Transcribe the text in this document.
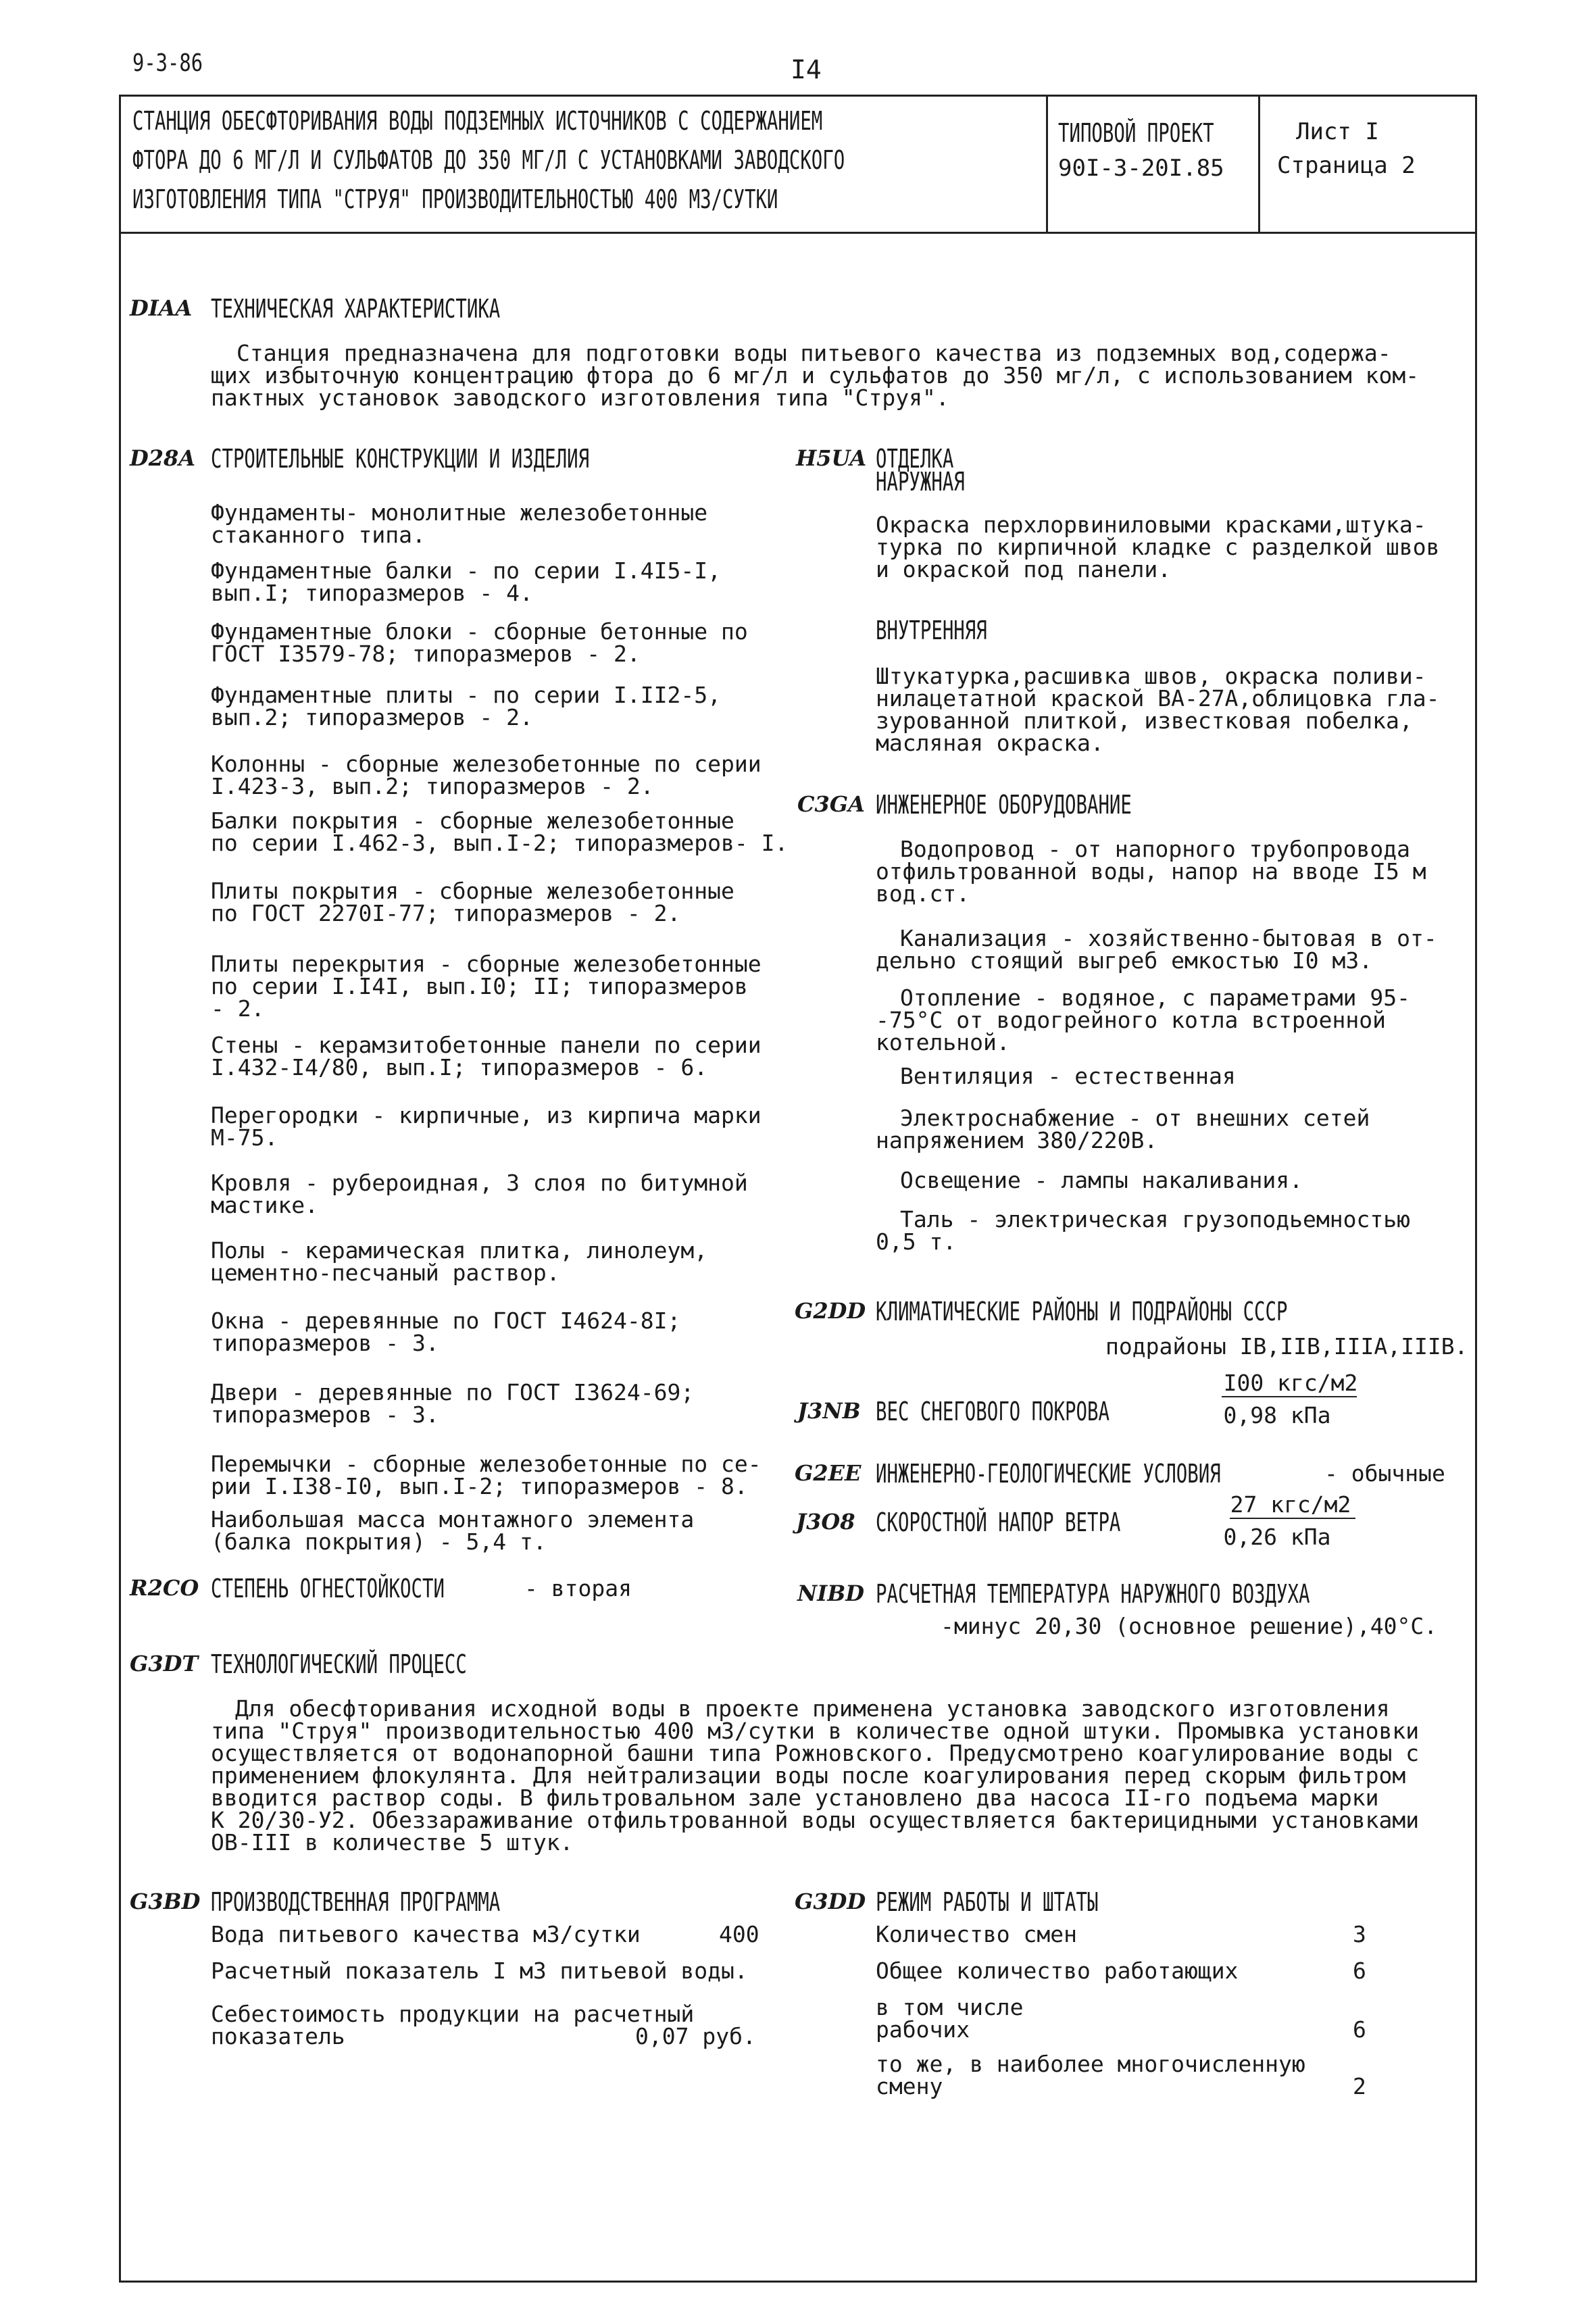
9-3-86	I4
СТАНЦИЯ ОБЕСФТОРИВАНИЯ ВОДЫ ПОДЗЕМНЫХ ИСТОЧНИКОВ С СОДЕРЖАНИЕМ
ФТОРА ДО 6 МГ/Л И СУЛЬФАТОВ ДО 350 МГ/Л С УСТАНОВКАМИ ЗАВОДСКОГО
ИЗГОТОВЛЕНИЯ ТИПА "СТРУЯ" ПРОИЗВОДИТЕЛЬНОСТЬЮ 400 М3/СУТКИ
ТИПОВОЙ ПРОЕКТ
90I-3-20I.85
Лист I
Страница 2
DIAA ТЕХНИЧЕСКАЯ ХАРАКТЕРИСТИКА
Станция предназначена для подготовки воды питьевого качества из подземных вод,содержа-
щих избыточную концентрацию фтора до 6 мг/л и сульфатов до 350 мг/л, с использованием ком-
пактных установок заводского изготовления типа "Струя".
D28A СТРОИТЕЛЬНЫЕ КОНСТРУКЦИИ И ИЗДЕЛИЯ
Фундаменты- монолитные железобетонные
стаканного типа.
Фундаментные балки - по серии I.4I5-I,
вып.I; типоразмеров - 4.
Фундаментные блоки - сборные бетонные по
ГОСТ I3579-78; типоразмеров - 2.
Фундаментные плиты - по серии I.II2-5,
вып.2; типоразмеров - 2.
Колонны - сборные железобетонные по серии
I.423-3, вып.2; типоразмеров - 2.
Балки покрытия - сборные железобетонные
по серии I.462-3, вып.I-2; типоразмеров- I.
Плиты покрытия - сборные железобетонные
по ГОСТ 2270I-77; типоразмеров - 2.
Плиты перекрытия - сборные железобетонные
по серии I.I4I, вып.I0; II; типоразмеров
- 2.
Стены - керамзитобетонные панели по серии
I.432-I4/80, вып.I; типоразмеров - 6.
Перегородки - кирпичные, из кирпича марки
М-75.
Кровля - рубероидная, 3 слоя по битумной
мастике.
Полы - керамическая плитка, линолеум,
цементно-песчаный раствор.
Окна - деревянные по ГОСТ I4624-8I;
типоразмеров - 3.
Двери - деревянные по ГОСТ I3624-69;
типоразмеров - 3.
Перемычки - сборные железобетонные по се-
рии I.I38-I0, вып.I-2; типоразмеров - 8.
Наибольшая масса монтажного элемента
(балка покрытия) - 5,4 т.
H5UA ОТДЕЛКА
НАРУЖНАЯ
Окраска перхлорвиниловыми красками,штука-
турка по кирпичной кладке с разделкой швов
и окраской под панели.
ВНУТРЕННЯЯ
Штукатурка,расшивка швов, окраска поливи-
нилацетатной краской ВА-27А,облицовка гла-
зурованной плиткой, известковая побелка,
масляная окраска.
C3GA ИНЖЕНЕРНОЕ ОБОРУДОВАНИЕ
Водопровод - от напорного трубопровода
отфильтрованной воды, напор на вводе I5 м
вод.ст.
Канализация - хозяйственно-бытовая в от-
дельно стоящий выгреб емкостью I0 м3.
Отопление - водяное, с параметрами 95-
-75°С от водогрейного котла встроенной
котельной.
Вентиляция - естественная
Электроснабжение - от внешних сетей
напряжением 380/220В.
Освещение - лампы накаливания.
Таль - электрическая грузоподьемностью
0,5 т.
G2DD КЛИМАТИЧЕСКИЕ РАЙОНЫ И ПОДРАЙОНЫ СССР
подрайоны IВ,IIВ,IIIА,IIIВ.
J3NB ВЕС СНЕГОВОГО ПОКРОВА
I00 кгс/м2
0,98 кПа
G2EE ИНЖЕНЕРНО-ГЕОЛОГИЧЕСКИЕ УСЛОВИЯ	- обычные
J3O8 СКОРОСТНОЙ НАПОР ВЕТРА
27 кгс/м2
0,26 кПа
R2CO СТЕПЕНЬ ОГНЕСТОЙКОСТИ	- вторая	NIBD РАСЧЕТНАЯ ТЕМПЕРАТУРА НАРУЖНОГО ВОЗДУХА
-минус 20,30 (основное решение),40°С.
G3DT ТЕХНОЛОГИЧЕСКИЙ ПРОЦЕСС
Для обесфторивания исходной воды в проекте применена установка заводского изготовления
типа "Струя" производительностью 400 м3/сутки в количестве одной штуки. Промывка установки
осуществляется от водонапорной башни типа Рожновского. Предусмотрено коагулирование воды с
применением флокулянта. Для нейтрализации воды после коагулирования перед скорым фильтром
вводится раствор соды. В фильтровальном зале установлено два насоса II-го подъема марки
К 20/30-У2. Обеззараживание отфильтрованной воды осуществляется бактерицидными установками
ОВ-III в количестве 5 штук.
G3BD ПРОИЗВОДСТВЕННАЯ ПРОГРАММА
Вода питьевого качества м3/сутки	400
Расчетный показатель I м3 питьевой воды.
Себестоимость продукции на расчетный
показатель	0,07 руб.
G3DD РЕЖИМ РАБОТЫ И ШТАТЫ
Количество смен	3
Общее количество работающих	6
в том числе
рабочих	6
то же, в наиболее многочисленную
смену	2
